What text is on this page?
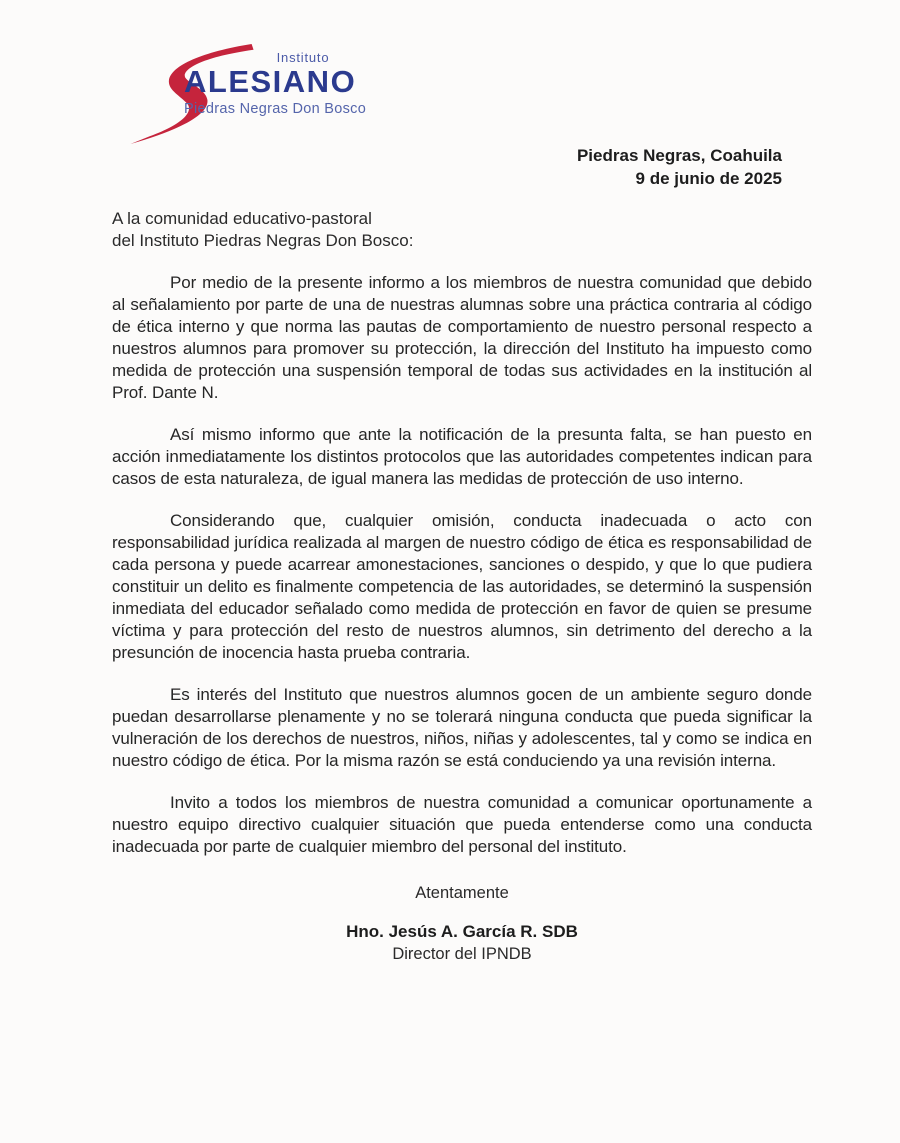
Instituto
ALESIANO
Piedras Negras Don Bosco
Piedras Negras, Coahuila
9 de junio de 2025
A la comunidad educativo-pastoral
del Instituto Piedras Negras Don Bosco:

Por medio de la presente informo a los miembros de nuestra comunidad que debido al señalamiento por parte de una de nuestras alumnas sobre una práctica contraria al código de ética interno y que norma las pautas de comportamiento de nuestro personal respecto a nuestros alumnos para promover su protección, la dirección del Instituto ha impuesto como medida de protección una suspensión temporal de todas sus actividades en la institución al Prof. Dante N.

Así mismo informo que ante la notificación de la presunta falta, se han puesto en acción inmediatamente los distintos protocolos que las autoridades competentes indican para casos de esta naturaleza, de igual manera las medidas de protección de uso interno.

Considerando que, cualquier omisión, conducta inadecuada o acto con responsabilidad jurídica realizada al margen de nuestro código de ética es responsabilidad de cada persona y puede acarrear amonestaciones, sanciones o despido, y que lo que pudiera constituir un delito es finalmente competencia de las autoridades, se determinó la suspensión inmediata del educador señalado como medida de protección en favor de quien se presume víctima y para protección del resto de nuestros alumnos, sin detrimento del derecho a la presunción de inocencia hasta prueba contraria.

Es interés del Instituto que nuestros alumnos gocen de un ambiente seguro donde puedan desarrollarse plenamente y no se tolerará ninguna conducta que pueda significar la vulneración de los derechos de nuestros, niños, niñas y adolescentes, tal y como se indica en nuestro código de ética. Por la misma razón se está conduciendo ya una revisión interna.

Invito a todos los miembros de nuestra comunidad a comunicar oportunamente a nuestro equipo directivo cualquier situación que pueda entenderse como una conducta inadecuada por parte de cualquier miembro del personal del instituto.

Atentamente
Hno. Jesús A. García R. SDB
Director del IPNDB
